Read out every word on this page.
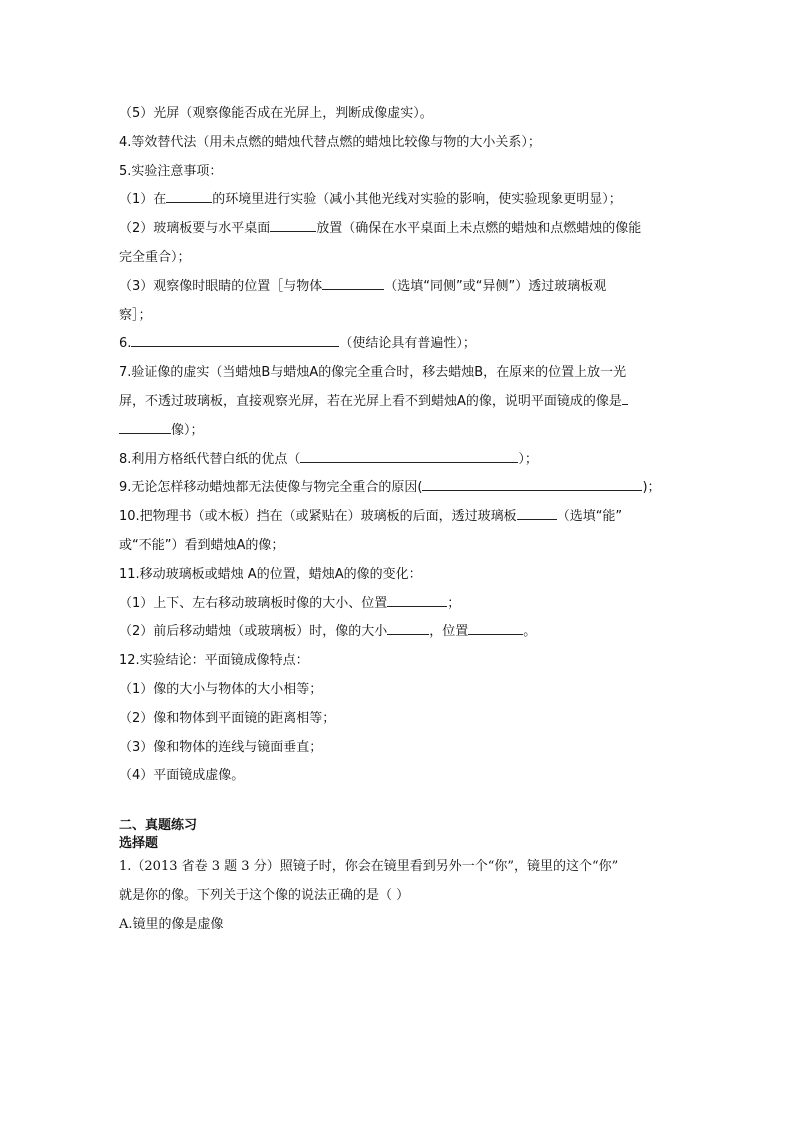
（5）光屏（观察像能否成在光屏上，判断成像虚实）。
4.等效替代法（用未点燃的蜡烛代替点燃的蜡烛比较像与物的大小关系）；
5.实验注意事项：
（1）在	的环境里进行实验（减小其他光线对实验的影响，使实验现象更明显）；
（2）玻璃板要与水平桌面	放置（确保在水平桌面上未点燃的蜡烛和点燃蜡烛的像能
完全重合）；
（3）观察像时眼睛的位置［与物体	（选填“同侧”或“异侧”）透过玻璃板观
察］；
6.	（使结论具有普遍性）；
7.验证像的虚实（当蜡烛B与蜡烛A的像完全重合时，移去蜡烛B，在原来的位置上放一光
屏，不透过玻璃板，直接观察光屏，若在光屏上看不到蜡烛A的像，说明平面镜成的像是
像）；
8.利用方格纸代替白纸的优点（	）；
9.无论怎样移动蜡烛都无法使像与物完全重合的原因(	)；
10.把物理书（或木板）挡在（或紧贴在）玻璃板的后面，透过玻璃板	（选填“能”
或“不能”）看到蜡烛A的像；
11.移动玻璃板或蜡烛 A的位置，蜡烛A的像的变化：
（1）上下、左右移动玻璃板时像的大小、位置	；
（2）前后移动蜡烛（或玻璃板）时，像的大小	，位置	。
12.实验结论：平面镜成像特点：
（1）像的大小与物体的大小相等；
（2）像和物体到平面镜的距离相等；
（3）像和物体的连线与镜面垂直；
（4）平面镜成虚像。
二、真题练习
选择题
1.（2013 省卷 3 题 3 分）照镜子时，你会在镜里看到另外一个“你”，镜里的这个“你”
就是你的像。下列关于这个像的说法正确的是（ ）
A.镜里的像是虚像
